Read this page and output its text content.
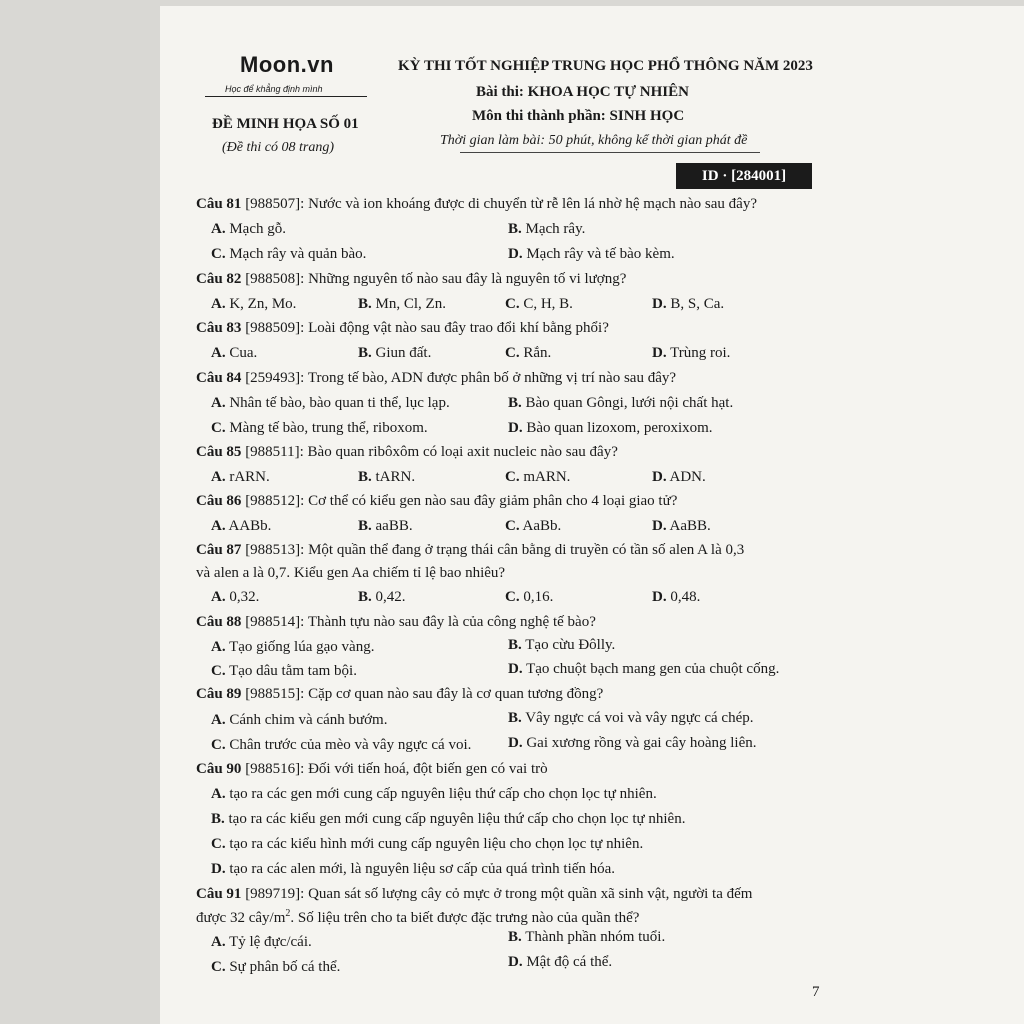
Moon.vn
Học để khẳng định mình
ĐỀ MINH HỌA SỐ 01
(Đề thi có 08 trang)
KỲ THI TỐT NGHIỆP TRUNG HỌC PHỔ THÔNG NĂM 2023
Bài thi: KHOA HỌC TỰ NHIÊN
Môn thi thành phần: SINH HỌC
Thời gian làm bài: 50 phút, không kể thời gian phát đề
ID · [284001]
Câu 81 [988507]: Nước và ion khoáng được di chuyển từ rễ lên lá nhờ hệ mạch nào sau đây?
A. Mạch gỗ.	B. Mạch rây.
C. Mạch rây và quản bào.	D. Mạch rây và tế bào kèm.
Câu 82 [988508]: Những nguyên tố nào sau đây là nguyên tố vi lượng?
A. K, Zn, Mo.	B. Mn, Cl, Zn.	C. C, H, B.	D. B, S, Ca.
Câu 83 [988509]: Loài động vật nào sau đây trao đổi khí bằng phổi?
A. Cua.	B. Giun đất.	C. Rắn.	D. Trùng roi.
Câu 84 [259493]: Trong tế bào, ADN được phân bố ở những vị trí nào sau đây?
A. Nhân tế bào, bào quan ti thể, lục lạp.	B. Bào quan Gôngi, lưới nội chất hạt.
C. Màng tế bào, trung thể, riboxom.	D. Bào quan lizoxom, peroxixom.
Câu 85 [988511]: Bào quan ribôxôm có loại axit nucleic nào sau đây?
A. rARN.	B. tARN.	C. mARN.	D. ADN.
Câu 86 [988512]: Cơ thể có kiểu gen nào sau đây giảm phân cho 4 loại giao tử?
A. AABb.	B. aaBB.	C. AaBb.	D. AaBB.
Câu 87 [988513]: Một quần thể đang ở trạng thái cân bằng di truyền có tần số alen A là 0,3
và alen a là 0,7. Kiểu gen Aa chiếm tỉ lệ bao nhiêu?
A. 0,32.	B. 0,42.	C. 0,16.	D. 0,48.
Câu 88 [988514]: Thành tựu nào sau đây là của công nghệ tế bào?
A. Tạo giống lúa gạo vàng.	B. Tạo cừu Đôlly.
C. Tạo dâu tằm tam bội.	D. Tạo chuột bạch mang gen của chuột cống.
Câu 89 [988515]: Cặp cơ quan nào sau đây là cơ quan tương đồng?
A. Cánh chim và cánh bướm.	B. Vây ngực cá voi và vây ngực cá chép.
C. Chân trước của mèo và vây ngực cá voi. D. Gai xương rồng và gai cây hoàng liên.
Câu 90 [988516]: Đối với tiến hoá, đột biến gen có vai trò
A. tạo ra các gen mới cung cấp nguyên liệu thứ cấp cho chọn lọc tự nhiên.
B. tạo ra các kiểu gen mới cung cấp nguyên liệu thứ cấp cho chọn lọc tự nhiên.
C. tạo ra các kiểu hình mới cung cấp nguyên liệu cho chọn lọc tự nhiên.
D. tạo ra các alen mới, là nguyên liệu sơ cấp của quá trình tiến hóa.
Câu 91 [989719]: Quan sát số lượng cây cỏ mực ở trong một quần xã sinh vật, người ta đếm
được 32 cây/$m^2$. Số liệu trên cho ta biết được đặc trưng nào của quần thể?
A. Tỷ lệ đực/cái.	B. Thành phần nhóm tuổi.
C. Sự phân bố cá thể.	D. Mật độ cá thể.
7
